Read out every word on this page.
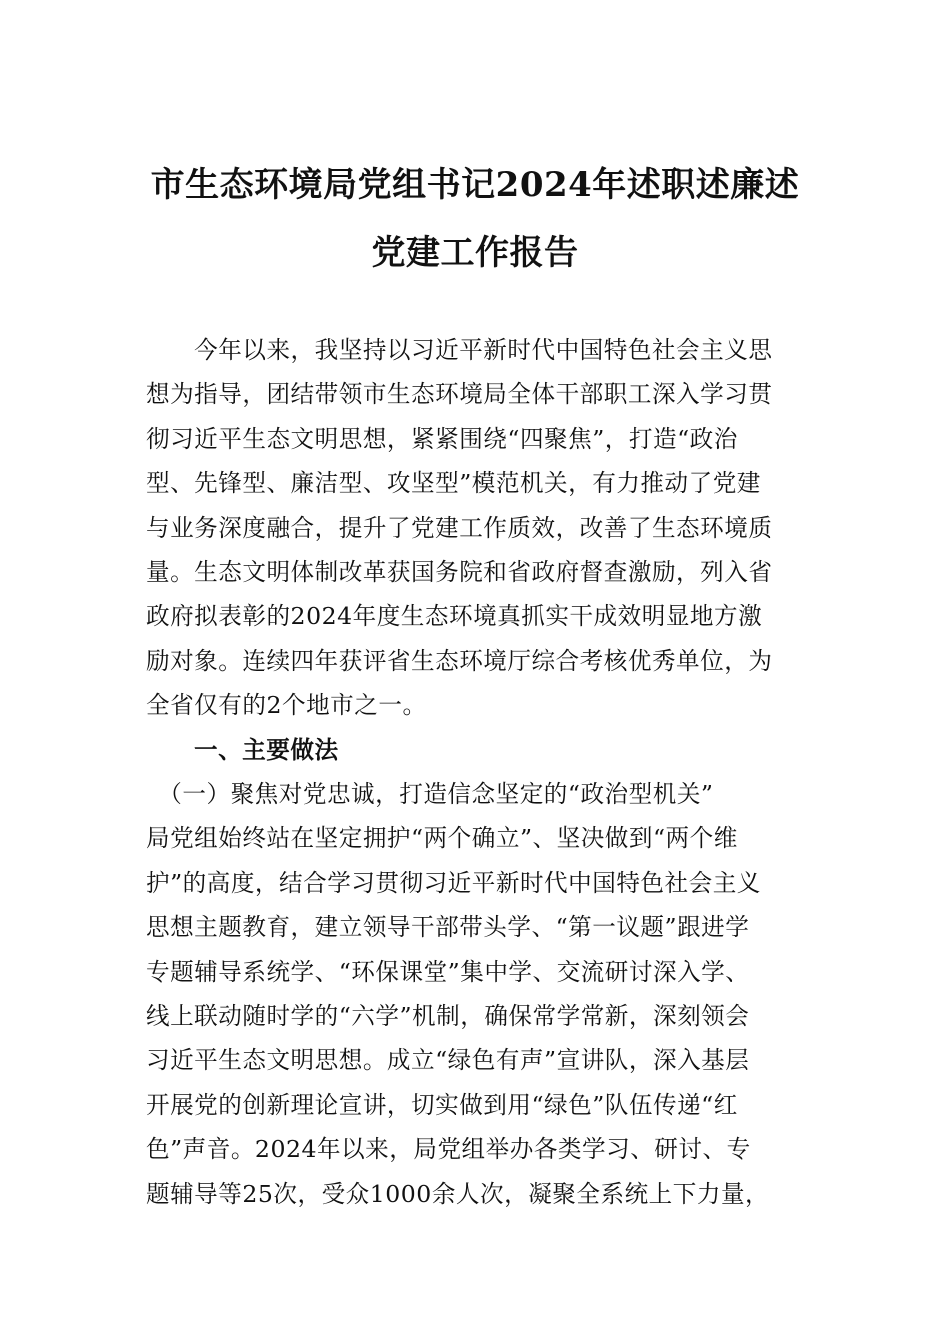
市生态环境局党组书记2024年述职述廉述
党建工作报告
　　今年以来，我坚持以习近平新时代中国特色社会主义思
想为指导，团结带领市生态环境局全体干部职工深入学习贯
彻习近平生态文明思想，紧紧围绕“四聚焦”，打造“政治
型、先锋型、廉洁型、攻坚型”模范机关，有力推动了党建
与业务深度融合，提升了党建工作质效，改善了生态环境质
量。生态文明体制改革获国务院和省政府督查激励，列入省
政府拟表彰的2024年度生态环境真抓实干成效明显地方激
励对象。连续四年获评省生态环境厅综合考核优秀单位，为
全省仅有的2个地市之一。
一、主要做法
　（一）聚焦对党忠诚，打造信念坚定的“政治型机关”
局党组始终站在坚定拥护“两个确立”、坚决做到“两个维
护”的高度，结合学习贯彻习近平新时代中国特色社会主义
思想主题教育，建立领导干部带头学、“第一议题”跟进学
专题辅导系统学、“环保课堂”集中学、交流研讨深入学、
线上联动随时学的“六学”机制，确保常学常新，深刻领会
习近平生态文明思想。成立“绿色有声”宣讲队，深入基层
开展党的创新理论宣讲，切实做到用“绿色”队伍传递“红
色”声音。2024年以来，局党组举办各类学习、研讨、专
题辅导等25次，受众1000余人次，凝聚全系统上下力量，
